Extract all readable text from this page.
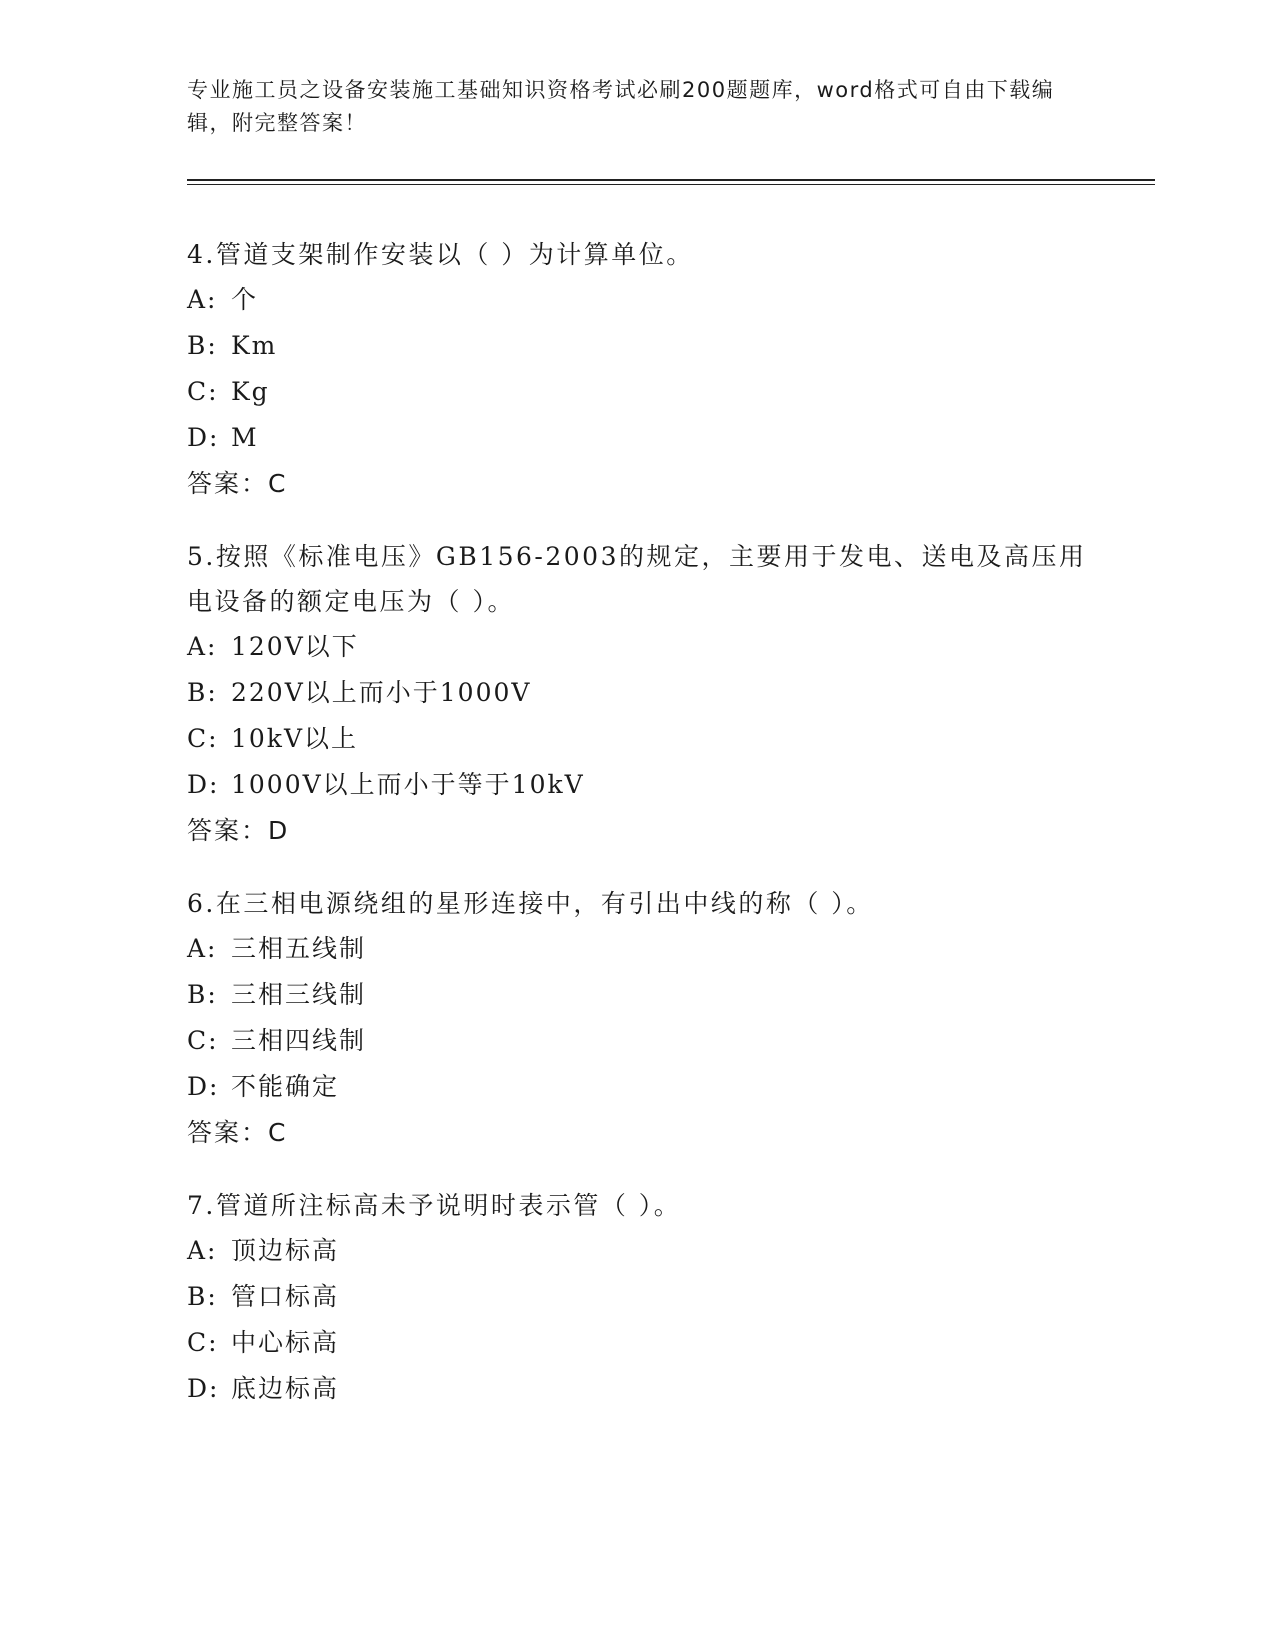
专业施工员之设备安装施工基础知识资格考试必刷200题题库，word格式可自由下载编辑，附完整答案！

4.管道支架制作安装以（ ）为计算单位。

A: 个

B: Km

C: Kg

D: M

答案：C

5.按照《标准电压》GB156-2003的规定，主要用于发电、送电及高压用电设备的额定电压为（ ）。

A: 120V以下

B: 220V以上而小于1000V

C: 10kV以上

D: 1000V以上而小于等于10kV

答案：D

6.在三相电源绕组的星形连接中，有引出中线的称（ ）。

A: 三相五线制

B: 三相三线制

C: 三相四线制

D: 不能确定

答案：C

7.管道所注标高未予说明时表示管（ ）。

A: 顶边标高

B: 管口标高

C: 中心标高

D: 底边标高
